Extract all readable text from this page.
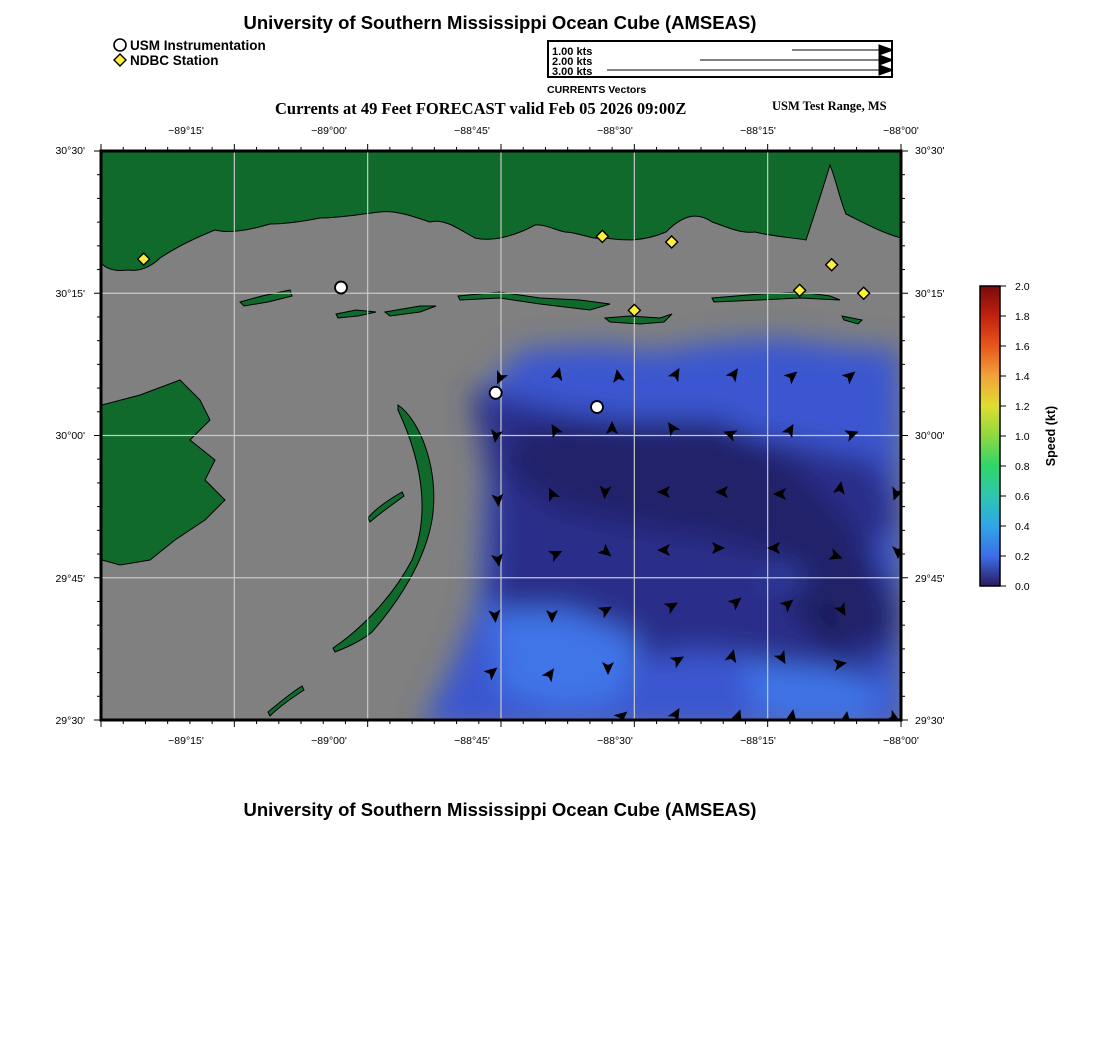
University of Southern Mississippi Ocean Cube (AMSEAS)
USM Instrumentation
NDBC Station
1.00 kts
2.00 kts
3.00 kts
CURRENTS Vectors
Currents at 49 Feet FORECAST valid Feb 05 2026 09:00Z	USM Test Range, MS
−89°15'	−89°00'	−88°45'	−88°30'	−88°15'	−88°00'
−89°15'	−89°00'	−88°45'	−88°30'	−88°15'	−88°00'
30°30'
30°15'
30°00'
29°45'
29°30'
30°30'
30°15'
30°00'
29°45'
29°30'
2.0
1.8
1.6
1.4
1.2
1.0
0.8
0.6
0.4
0.2
0.0
Speed (kt)
University of Southern Mississippi Ocean Cube (AMSEAS)
